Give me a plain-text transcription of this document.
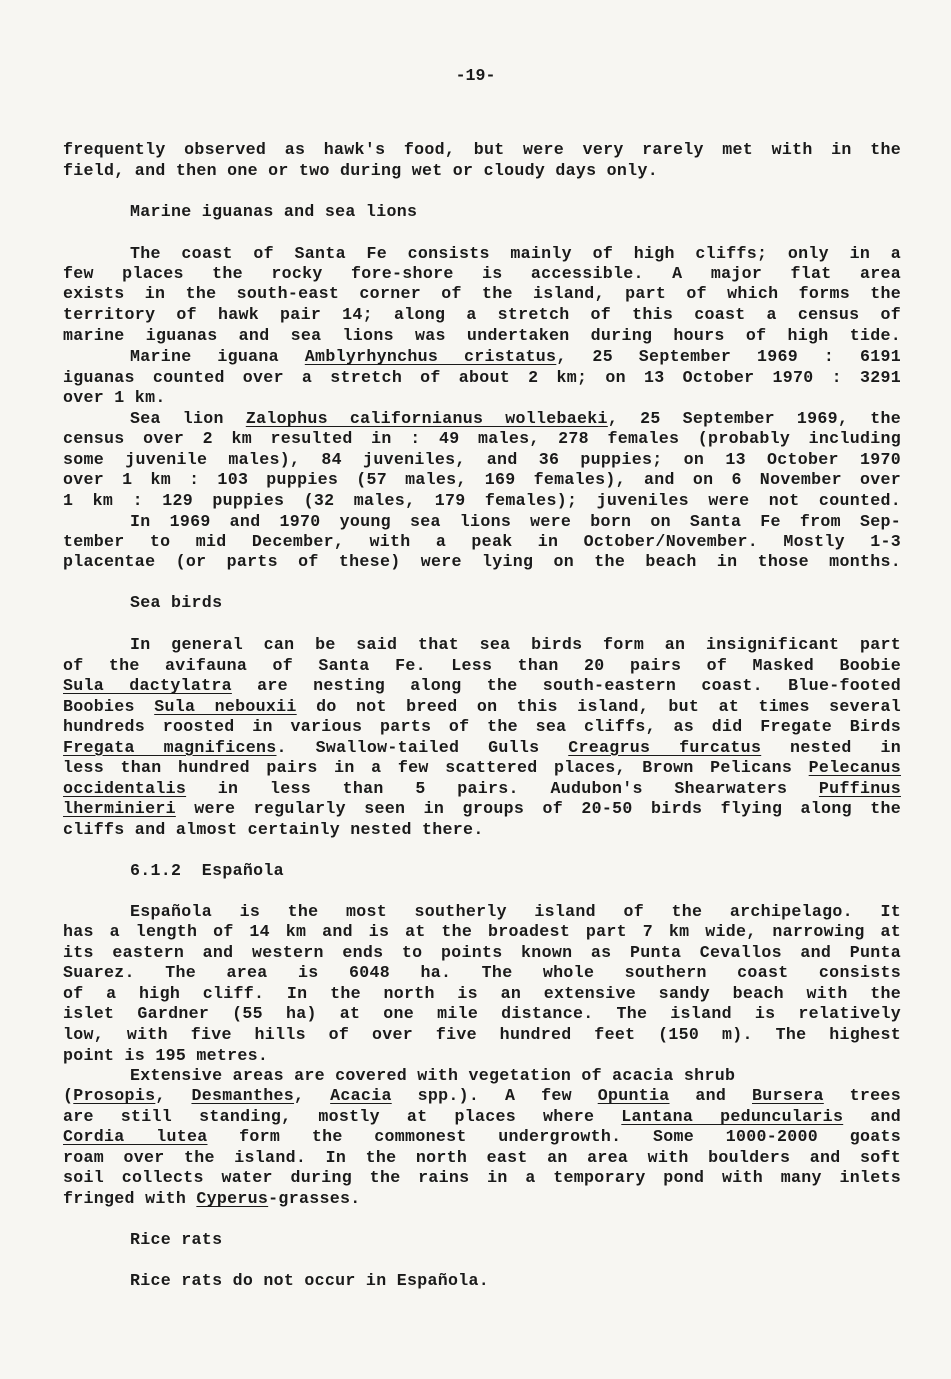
-19-
frequently observed as hawk's food, but were very rarely met with in the
field, and then one or two during wet or cloudy days only.
Marine iguanas and sea lions
The coast of Santa Fe consists mainly of high cliffs; only in a
few places the rocky fore-shore is accessible. A major flat area
exists in the south-east corner of the island, part of which forms the
territory of hawk pair 14; along a stretch of this coast a census of
marine iguanas and sea lions was undertaken during hours of high tide.
Marine iguana Amblyrhynchus cristatus, 25 September 1969 : 6191
iguanas counted over a stretch of about 2 km; on 13 October 1970 : 3291
over 1 km.
Sea lion Zalophus californianus wollebaeki, 25 September 1969, the
census over 2 km resulted in : 49 males, 278 females (probably including
some juvenile males), 84 juveniles, and 36 puppies; on 13 October 1970
over 1 km : 103 puppies (57 males, 169 females), and on 6 November over
1 km : 129 puppies (32 males, 179 females); juveniles were not counted.
In 1969 and 1970 young sea lions were born on Santa Fe from Sep-
tember to mid December, with a peak in October/November. Mostly 1-3
placentae (or parts of these) were lying on the beach in those months.
Sea birds
In general can be said that sea birds form an insignificant part
of the avifauna of Santa Fe. Less than 20 pairs of Masked Boobie
Sula dactylatra are nesting along the south-eastern coast. Blue-footed
Boobies Sula nebouxii do not breed on this island, but at times several
hundreds roosted in various parts of the sea cliffs, as did Fregate Birds
Fregata magnificens. Swallow-tailed Gulls Creagrus furcatus nested in
less than hundred pairs in a few scattered places, Brown Pelicans Pelecanus
occidentalis in less than 5 pairs. Audubon's Shearwaters Puffinus
lherminieri were regularly seen in groups of 20-50 birds flying along the
cliffs and almost certainly nested there.
6.1.2  Española
Española is the most southerly island of the archipelago. It
has a length of 14 km and is at the broadest part 7 km wide, narrowing at
its eastern and western ends to points known as Punta Cevallos and Punta
Suarez. The area is 6048 ha. The whole southern coast consists
of a high cliff. In the north is an extensive sandy beach with the
islet Gardner (55 ha) at one mile distance. The island is relatively
low, with five hills of over five hundred feet (150 m). The highest
point is 195 metres.
Extensive areas are covered with vegetation of acacia shrub
(Prosopis, Desmanthes, Acacia spp.). A few Opuntia and Bursera trees
are still standing, mostly at places where Lantana peduncularis and
Cordia lutea form the commonest undergrowth. Some 1000-2000 goats
roam over the island. In the north east an area with boulders and soft
soil collects water during the rains in a temporary pond with many inlets
fringed with Cyperus-grasses.
Rice rats
Rice rats do not occur in Española.
